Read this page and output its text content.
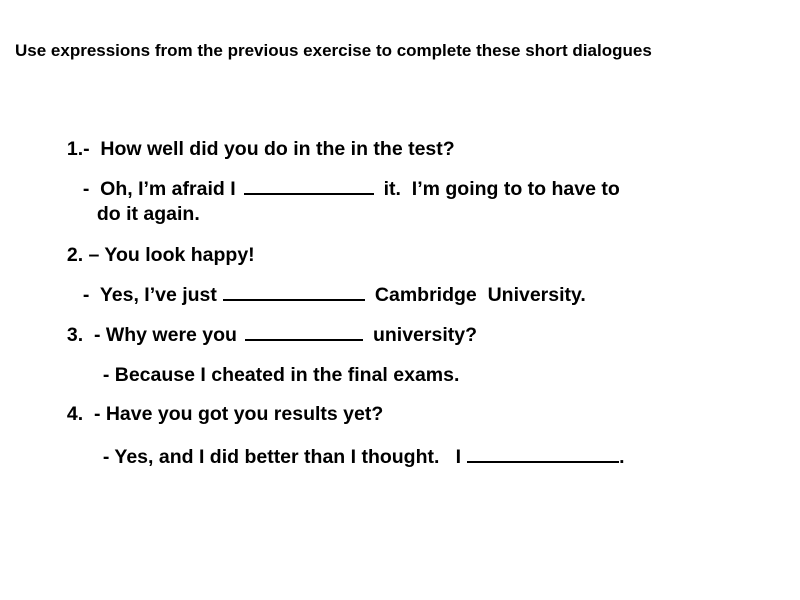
Use expressions from the previous exercise to complete these short dialogues

1.-  How well did you do in the in the test?

-  Oh, I’m afraid I	it.  I’m going to to have to

do it again.

2. – You look happy!

-  Yes, I’ve just	Cambridge  University.

3.  - Why were you	university?

- Because I cheated in the final exams.

4.  - Have you got you results yet?

- Yes, and I did better than I thought.   I	.
